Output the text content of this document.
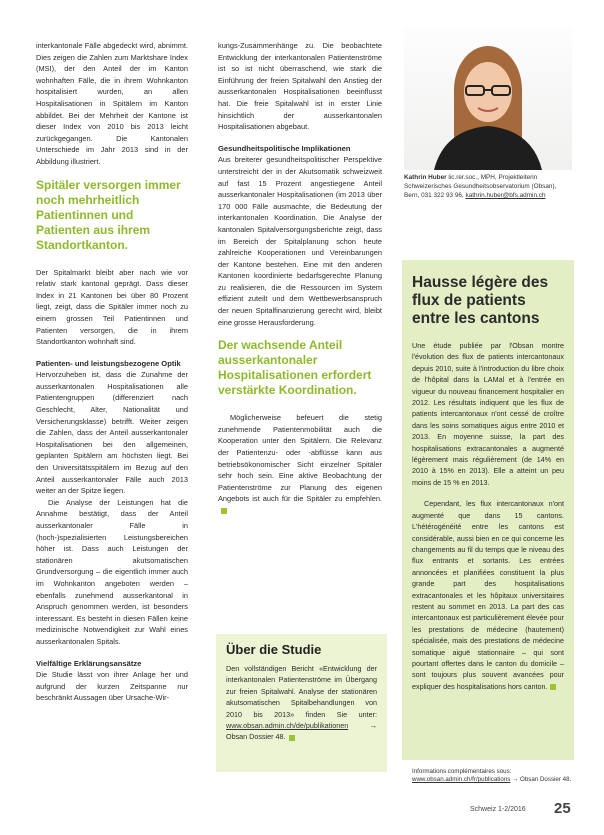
interkantonale Fälle abgedeckt wird, abnimmt. Dies zeigen die Zahlen zum Marktshare Index (MSI), der den Anteil der im Kanton wohnhaften Fälle, die in ihrem Wohnkanton hospitalisiert wurden, an allen Hospitalisationen in Spitälern im Kanton abbildet. Bei der Mehrheit der Kantone ist dieser Index von 2010 bis 2013 leicht zurückgegangen. Die Kantonalen Unterschiede im Jahr 2013 sind in der Abbildung illustriert.

Spitäler versorgen immer noch mehrheitlich Patientinnen und Patienten aus ihrem Standortkanton.

Der Spitalmarkt bleibt aber nach wie vor relativ stark kantonal geprägt. Dass dieser Index in 21 Kantonen bei über 80 Prozent liegt, zeigt, dass die Spitäler immer noch zu einem grossen Teil Patientinnen und Patienten versorgen, die in ihrem Standortkanton wohnhaft sind.

Patienten- und leistungsbezogene Optik

Hervorzuheben ist, dass die Zunahme der ausserkantonalen Hospitalisationen alle Patientengruppen (differenziert nach Geschlecht, Alter, Nationalität und Versicherungsklasse) betrifft. Weiter zeigen die Zahlen, dass der Anteil ausserkantonaler Hospitalisationen bei den allgemeinen, geplanten Spitälern am höchsten liegt. Bei den Universitätsspitälern im Bezug auf den Anteil ausserkantonaler Fälle auch 2013 weiter an der Spitze liegen.

Die Analyse der Leistungen hat die Annahme bestätigt, dass der Anteil ausserkantonaler Fälle in (hoch-)spezialisierten Leistungsbereichen höher ist. Dass auch Leistungen der stationären akutsomatischen Grundversorgung – die eigentlich immer auch im Wohnkanton angeboten werden – ebenfalls zunehmend ausserkantonal in Anspruch genommen werden, ist besonders interessant. Es besteht in diesen Fällen keine medizinische Notwendigkeit zur Wahl eines ausserkantonalen Spitals.

Vielfältige Erklärungsansätze

Die Studie lässt von ihrer Anlage her und aufgrund der kurzen Zeitspanne nur beschränkt Aussagen über Ursache-Wir-

kungs-Zusammenhänge zu. Die beobachtete Entwicklung der interkantonalen Patientenströme ist so ist nicht überraschend, wie stark die Einführung der freien Spitalwahl den Anstieg der ausserkantonalen Hospitalisationen beeinflusst hat. Die freie Spitalwahl ist in erster Linie hinsichtlich der ausserkantonalen Hospitalisationen abgebaut.

Gesundheitspolitische Implikationen

Aus breiterer gesundheitspolitischer Perspektive unterstreicht der in der Akutsomatik schweizweit auf fast 15 Prozent angestiegene Anteil ausserkantonaler Hospitalisationen (im 2013 über 170 000 Fälle ausmachte, die Bedeutung der interkantonalen Koordination. Die Analyse der kantonalen Spitalversorgungsberichte zeigt, dass im Bereich der Spitalplanung schon heute zahlreiche Kooperationen und Vereinbarungen der Kantone bestehen. Eine mit den anderen Kantonen koordinierte bedarfsgerechte Planung zu realisieren, die die Ressourcen im System effizient zuteilt und dem Wettbewerbsanspruch der neuen Spitalfinanzierung gerecht wird, bleibt eine grosse Herausforderung.

Der wachsende Anteil ausserkantonaler Hospitalisationen erfordert verstärkte Koordination.

Möglicherweise befeuert die stetig zunehmende Patientenmobilität auch die Kooperation unter den Spitälern. Die Relevanz der Patientenzu- oder -abflüsse kann aus betriebsökonomischer Sicht einzelner Spitäler sehr hoch sein. Eine aktive Beobachtung der Patientenströme zur Planung des eigenen Angebots ist auch für die Spitäler zu empfehlen.

Über die Studie

Den vollständigen Bericht «Entwicklung der interkantonalen Patientenströme im Übergang zur freien Spitalwahl. Analyse der stationären akutsomatischen Spitalbehandlungen von 2010 bis 2013» finden Sie unter: www.obsan.admin.ch/de/publikationen	→ Obsan Dossier 48.

Kathrin Huber lic.rer.soc., MPH, Projektleiterin Schweizerisches Gesundheitsobservatorium (Obsan), Bern, 031 322 93 96, kathrin.huber@bfs.admin.ch
Hausse légère des flux de patients entre les cantons

Une étude publiée par l'Obsan montre l'évolution des flux de patients intercantonaux depuis 2010, suite à l'introduction du libre choix de l'hôpital dans la LAMal et à l'entrée en vigueur du nouveau financement hospitalier en 2012. Les résultats indiquent que les flux de patients intercantonaux n'ont cessé de croître dans les soins somatiques aigus entre 2010 et 2013. En moyenne suisse, la part des hospitalisations extracantonales a augmenté légèrement mais régulièrement (de 14% en 2010 à 15% en 2013). Elle a atteint un peu moins de 15 % en 2013.

Cependant, les flux intercantonaux n'ont augmenté que dans 15 cantons. L'hétérogénéité entre les cantons est considérable, aussi bien en ce qui concerne les changements au fil du temps que le niveau des flux entrants et sortants. Les entrées annoncées et planifiées constituent la plus grande part des hospitalisations extracantonales et les hôpitaux universitaires restent au sommet en 2013. La part des cas intercantonaux est particulièrement élevée pour les prestations de médecine (hautement) spécialisée, mais des prestations de médecine somatique aiguë stationnaire – qui sont pourtant offertes dans le canton du domicile – sont toujours plus souvent avancées pour expliquer des hospitalisations hors canton.

Informations complémentaires sous:
www.obsan.admin.ch/fr/publications → Obsan Dossier 48.
Schweiz 1-2/2016 25
